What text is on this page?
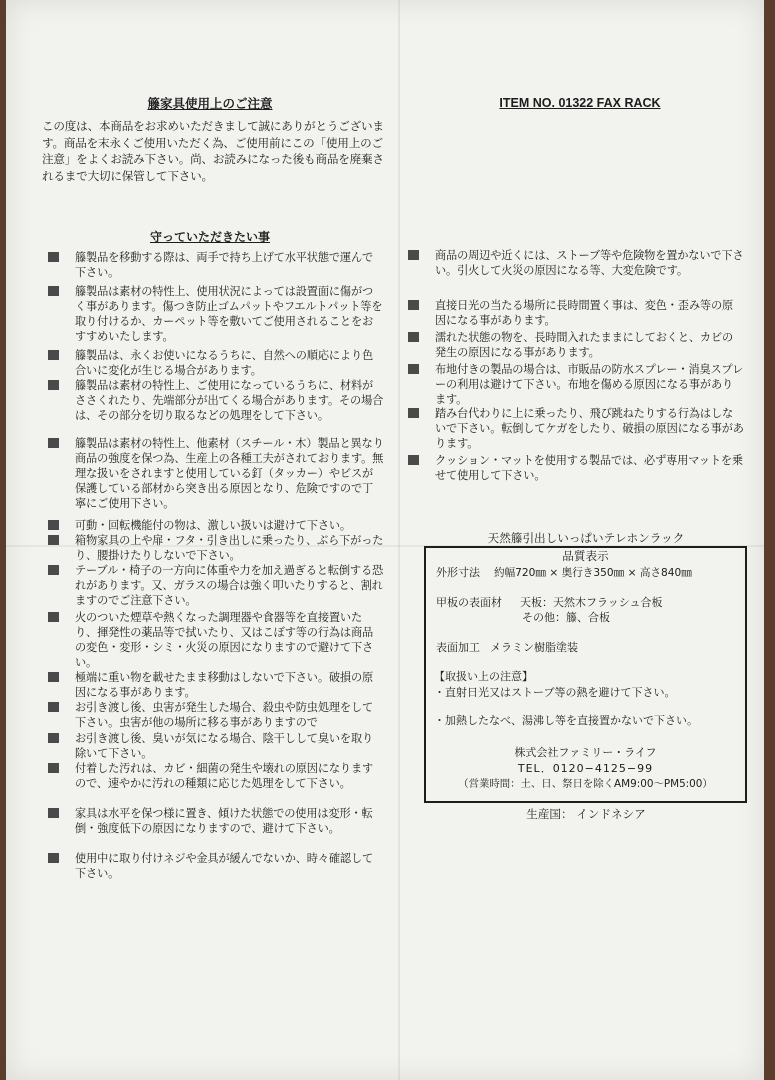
籐家具使用上のご注意	ITEM NO. 01322 FAX RACK
この度は、本商品をお求めいただきまして誠にありがとうございます。商品を末永くご使用いただく為、ご使用前にこの「使用上のご注意」をよくお読み下さい。尚、お読みになった後も商品を廃棄されるまで大切に保管して下さい。
守っていただきたい事
籐製品を移動する際は、両手で持ち上げて水平状態で運んで下さい。
籐製品は素材の特性上、使用状況によっては設置面に傷がつく事があります。傷つき防止ゴムパットやフエルトパット等を取り付けるか、カーペット等を敷いてご使用されることをおすすめいたします。
籐製品は、永くお使いになるうちに、自然への順応により色合いに変化が生じる場合があります。
籐製品は素材の特性上、ご使用になっているうちに、材料がささくれたり、先端部分が出てくる場合があります。その場合は、その部分を切り取るなどの処理をして下さい。
籐製品は素材の特性上、他素材（スチール・木）製品と異なり商品の強度を保つ為、生産上の各種工夫がされております。無理な扱いをされますと使用している釘（タッカー）やビスが保護している部材から突き出る原因となり、危険ですので丁寧にご使用下さい。
可動・回転機能付の物は、激しい扱いは避けて下さい。
箱物家具の上や扉・フタ・引き出しに乗ったり、ぶら下がったり、腰掛けたりしないで下さい。
テーブル・椅子の一方向に体重や力を加え過ぎると転倒する恐れがあります。又、ガラスの場合は強く叩いたりすると、割れますのでご注意下さい。
火のついた煙草や熱くなった調理器や食器等を直接置いたり、揮発性の薬品等で拭いたり、又はこぼす等の行為は商品の変色・変形・シミ・火災の原因になりますので避けて下さい。
極端に重い物を載せたまま移動はしないで下さい。破損の原因になる事があります。
お引き渡し後、虫害が発生した場合、殺虫や防虫処理をして下さい。虫害が他の場所に移る事がありますので
お引き渡し後、臭いが気になる場合、陰干しして臭いを取り除いて下さい。
付着した汚れは、カビ・細菌の発生や壊れの原因になりますので、速やかに汚れの種類に応じた処理をして下さい。
家具は水平を保つ様に置き、傾けた状態での使用は変形・転倒・強度低下の原因になりますので、避けて下さい。
使用中に取り付けネジや金具が緩んでないか、時々確認して下さい。
商品の周辺や近くには、ストーブ等や危険物を置かないで下さい。引火して火災の原因になる等、大変危険です。
直接日光の当たる場所に長時間置く事は、変色・歪み等の原因になる事があります。
濡れた状態の物を、長時間入れたままにしておくと、カビの発生の原因になる事があります。
布地付きの製品の場合は、市販品の防水スプレー・消臭スプレーの利用は避けて下さい。布地を傷める原因になる事があります。
踏み台代わりに上に乗ったり、飛び跳ねたりする行為はしないで下さい。転倒してケガをしたり、破損の原因になる事があります。
クッション・マットを使用する製品では、必ず専用マットを乗せて使用して下さい。
天然籐引出しいっぱいテレホンラック
品質表示
外形寸法 約幅720㎜ × 奥行き350㎜ × 高さ840㎜
甲板の表面材 天板：天然木フラッシュ合板
その他：籐、合板
表面加工 メラミン樹脂塗装
【取扱い上の注意】
・直射日光又はストーブ等の熱を避けて下さい。
・加熱したなべ、湯沸し等を直接置かないで下さい。
株式会社ファミリー・ライフ
TEL．0120−4125−99
（営業時間：土、日、祭日を除くAM9:00〜PM5:00）
生産国： インドネシア
